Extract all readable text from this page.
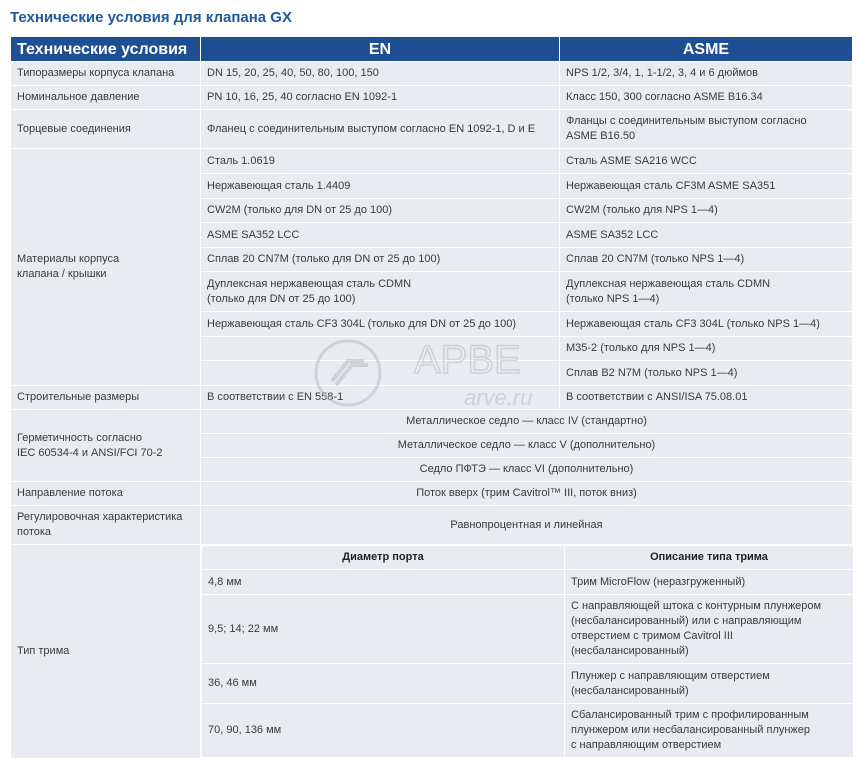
Технические условия для клапана GX
Технические условия	EN	ASME
Типоразмеры корпуса клапана	DN 15, 20, 25, 40, 50, 80, 100, 150	NPS 1/2, 3/4, 1, 1-1/2, 3, 4 и 6 дюймов
Номинальное давление	PN 10, 16, 25, 40 согласно EN 1092-1	Класс 150, 300 согласно ASME B16.34
Торцевые соединения	Фланец с соединительным выступом согласно EN 1092-1, D и E	Фланцы с соединительным выступом согласно
ASME B16.50
Материалы корпуса
клапана / крышки	Сталь 1.0619	Сталь ASME SA216 WCC
Нержавеющая сталь 1.4409	Нержавеющая сталь CF3M ASME SA351
CW2M (только для DN от 25 до 100)	CW2M (только для NPS 1—4)
ASME SA352 LCC	ASME SA352 LCC
Сплав 20 CN7M (только для DN от 25 до 100)	Сплав 20 CN7M (только NPS 1—4)
Дуплексная нержавеющая сталь CDMN
(только для DN от 25 до 100)	Дуплексная нержавеющая сталь CDMN
(только NPS 1—4)
Нержавеющая сталь CF3 304L (только для DN от 25 до 100)	Нержавеющая сталь CF3 304L (только NPS 1—4)
	M35-2 (только для NPS 1—4)
	Сплав B2 N7M (только NPS 1—4)
Строительные размеры	В соответствии с EN 558-1	В соответствии с ANSI/ISA 75.08.01
Герметичность согласно
IEC 60534-4 и ANSI/FCI 70-2	Металлическое седло — класс IV (стандартно)
Металлическое седло — класс V (дополнительно)
Седло ПФТЭ — класс VI (дополнительно)
Направление потока	Поток вверх (трим Cavitrol™ III, поток вниз)
Регулировочная характеристика
потока	Равнопроцентная и линейная
Тип трима	
Диаметр порта	Описание типа трима
4,8 мм	Трим MicroFlow (неразгруженный)
9,5; 14; 22 мм	С направляющей штока с контурным плунжером
(несбалансированный) или с направляющим
отверстием с тримом Cavitrol III (несбалансированный)
36, 46 мм	Плунжер с направляющим отверстием
(несбалансированный)
70, 90, 136 мм	Сбалансированный трим с профилированным
плунжером или несбалансированный плунжер
с направляющим отверстием
АРВЕ
arve.ru
